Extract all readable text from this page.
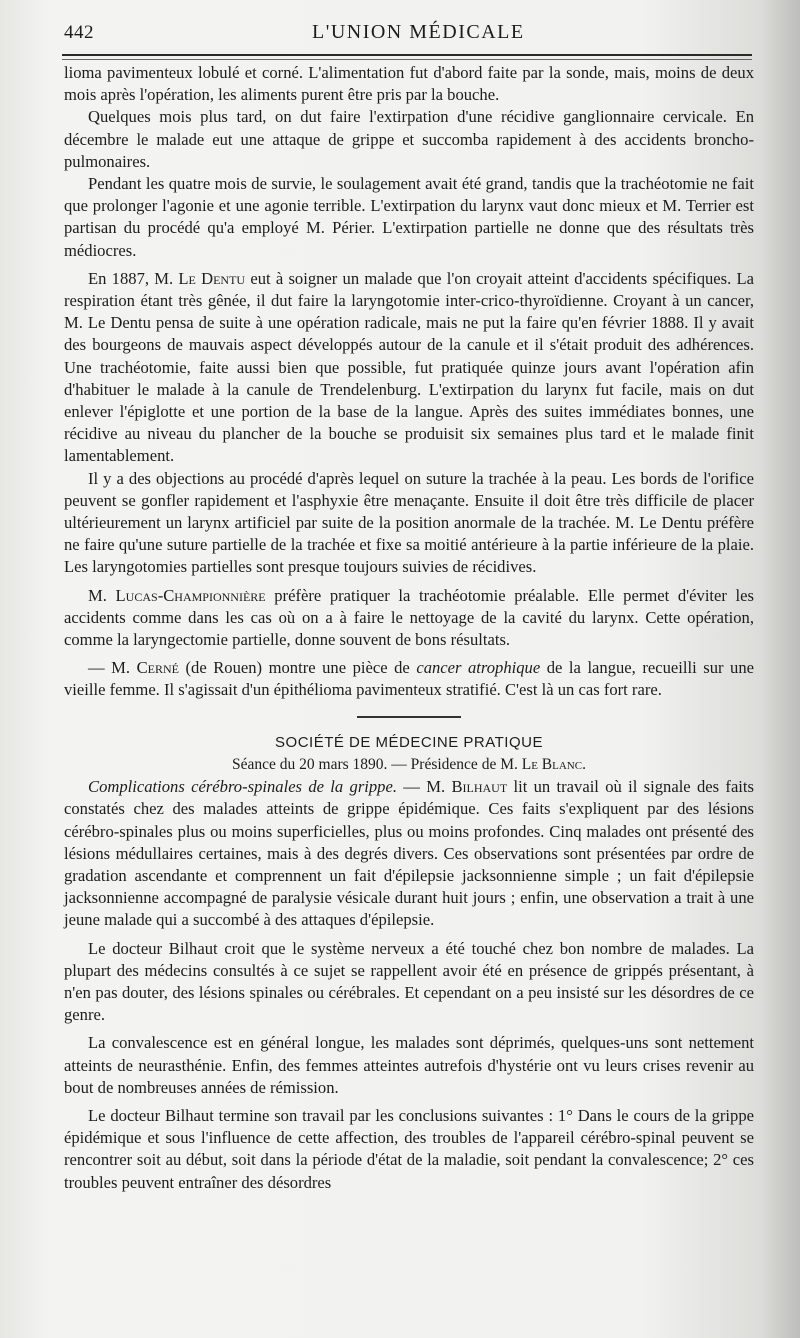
442	L'UNION MÉDICALE

lioma pavimenteux lobulé et corné. L'alimentation fut d'abord faite par la sonde, mais, moins de deux mois après l'opération, les aliments purent être pris par la bouche.

Quelques mois plus tard, on dut faire l'extirpation d'une récidive ganglionnaire cervicale. En décembre le malade eut une attaque de grippe et succomba rapidement à des accidents broncho-pulmonaires.

Pendant les quatre mois de survie, le soulagement avait été grand, tandis que la trachéotomie ne fait que prolonger l'agonie et une agonie terrible. L'extirpation du larynx vaut donc mieux et M. Terrier est partisan du procédé qu'a employé M. Périer. L'extirpation partielle ne donne que des résultats très médiocres.

En 1887, M. Le Dentu eut à soigner un malade que l'on croyait atteint d'accidents spécifiques. La respiration étant très gênée, il dut faire la laryngotomie inter-crico-thyroïdienne. Croyant à un cancer, M. Le Dentu pensa de suite à une opération radicale, mais ne put la faire qu'en février 1888. Il y avait des bourgeons de mauvais aspect développés autour de la canule et il s'était produit des adhérences. Une trachéotomie, faite aussi bien que possible, fut pratiquée quinze jours avant l'opération afin d'habituer le malade à la canule de Trendelenburg. L'extirpation du larynx fut facile, mais on dut enlever l'épiglotte et une portion de la base de la langue. Après des suites immédiates bonnes, une récidive au niveau du plancher de la bouche se produisit six semaines plus tard et le malade finit lamentablement.

Il y a des objections au procédé d'après lequel on suture la trachée à la peau. Les bords de l'orifice peuvent se gonfler rapidement et l'asphyxie être menaçante. Ensuite il doit être très difficile de placer ultérieurement un larynx artificiel par suite de la position anormale de la trachée. M. Le Dentu préfère ne faire qu'une suture partielle de la trachée et fixe sa moitié antérieure à la partie inférieure de la plaie. Les laryngotomies partielles sont presque toujours suivies de récidives.

M. Lucas-Championnière préfère pratiquer la trachéotomie préalable. Elle permet d'éviter les accidents comme dans les cas où on a à faire le nettoyage de la cavité du larynx. Cette opération, comme la laryngectomie partielle, donne souvent de bons résultats.

— M. Cerné (de Rouen) montre une pièce de cancer atrophique de la langue, recueilli sur une vieille femme. Il s'agissait d'un épithélioma pavimenteux stratifié. C'est là un cas fort rare.

SOCIÉTÉ DE MÉDECINE PRATIQUE

Séance du 20 mars 1890. — Présidence de M. Le Blanc.

Complications cérébro-spinales de la grippe. — M. Bilhaut lit un travail où il signale des faits constatés chez des malades atteints de grippe épidémique. Ces faits s'expliquent par des lésions cérébro-spinales plus ou moins superficielles, plus ou moins profondes. Cinq malades ont présenté des lésions médullaires certaines, mais à des degrés divers. Ces observations sont présentées par ordre de gradation ascendante et comprennent un fait d'épilepsie jacksonnienne simple ; un fait d'épilepsie jacksonnienne accompagné de paralysie vésicale durant huit jours ; enfin, une observation a trait à une jeune malade qui a succombé à des attaques d'épilepsie.

Le docteur Bilhaut croit que le système nerveux a été touché chez bon nombre de malades. La plupart des médecins consultés à ce sujet se rappellent avoir été en présence de grippés présentant, à n'en pas douter, des lésions spinales ou cérébrales. Et cependant on a peu insisté sur les désordres de ce genre.

La convalescence est en général longue, les malades sont déprimés, quelques-uns sont nettement atteints de neurasthénie. Enfin, des femmes atteintes autrefois d'hystérie ont vu leurs crises revenir au bout de nombreuses années de rémission.

Le docteur Bilhaut termine son travail par les conclusions suivantes : 1° Dans le cours de la grippe épidémique et sous l'influence de cette affection, des troubles de l'appareil cérébro-spinal peuvent se rencontrer soit au début, soit dans la période d'état de la maladie, soit pendant la convalescence; 2° ces troubles peuvent entraîner des désordres
